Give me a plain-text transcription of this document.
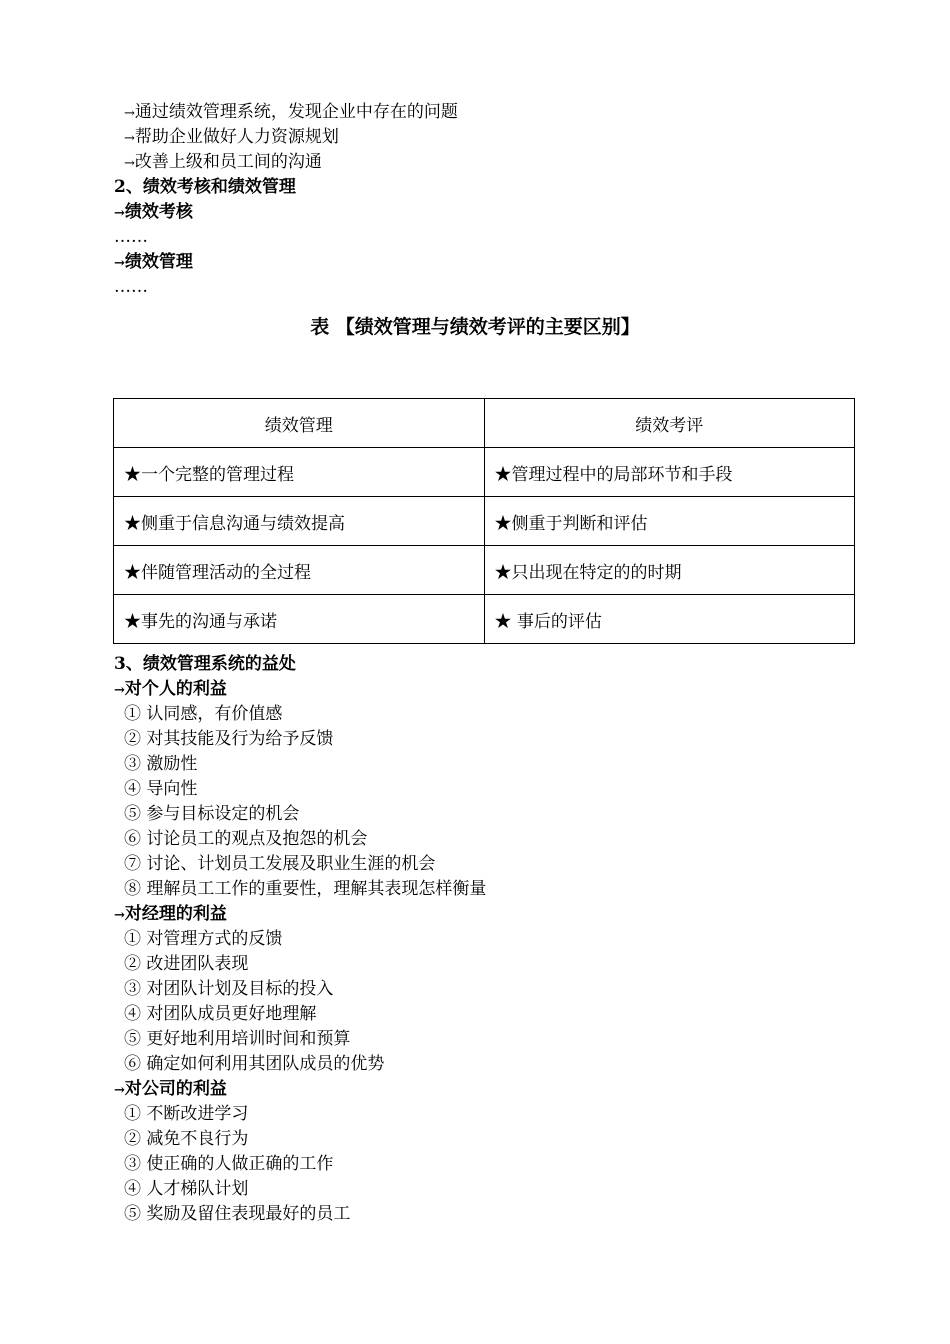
→通过绩效管理系统，发现企业中存在的问题
→帮助企业做好人力资源规划
→改善上级和员工间的沟通
2、绩效考核和绩效管理
→绩效考核
……
→绩效管理
……
表 【绩效管理与绩效考评的主要区别】
绩效管理	绩效考评
★一个完整的管理过程	★管理过程中的局部环节和手段
★侧重于信息沟通与绩效提高	★侧重于判断和评估
★伴随管理活动的全过程	★只出现在特定的的时期
★事先的沟通与承诺	★ 事后的评估
3、绩效管理系统的益处
→对个人的利益
① 认同感，有价值感
② 对其技能及行为给予反馈
③ 激励性
④ 导向性
⑤ 参与目标设定的机会
⑥ 讨论员工的观点及抱怨的机会
⑦ 讨论、计划员工发展及职业生涯的机会
⑧ 理解员工工作的重要性，理解其表现怎样衡量
→对经理的利益
① 对管理方式的反馈
② 改进团队表现
③ 对团队计划及目标的投入
④ 对团队成员更好地理解
⑤ 更好地利用培训时间和预算
⑥ 确定如何利用其团队成员的优势
→对公司的利益
① 不断改进学习
② 减免不良行为
③ 使正确的人做正确的工作
④ 人才梯队计划
⑤ 奖励及留住表现最好的员工
